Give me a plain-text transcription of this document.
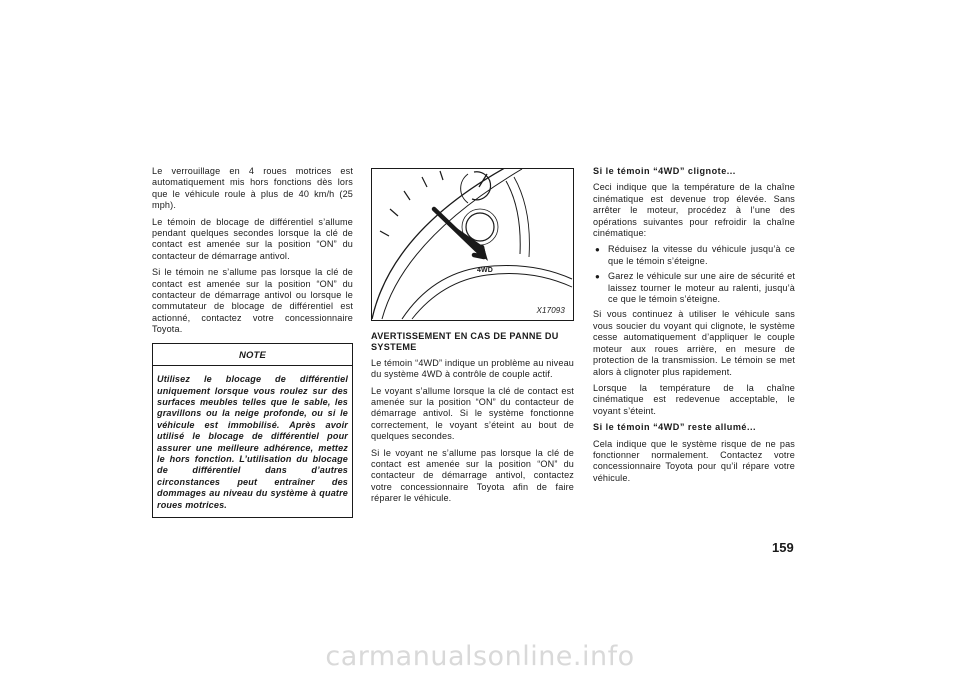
Le verrouillage en 4 roues motrices est automatiquement mis hors fonctions dès lors que le véhicule roule à plus de 40 km/h (25 mph).

Le témoin de blocage de différentiel s’allume pendant quelques secondes lorsque la clé de contact est amenée sur la position “ON” du contacteur de démarrage antivol.

Si le témoin ne s’allume pas lorsque la clé de contact est amenée sur la position “ON” du contacteur de démarrage antivol ou lorsque le commutateur de blocage de différentiel est actionné, contactez votre concessionnaire Toyota.

NOTE
Utilisez le blocage de différentiel uniquement lorsque vous roulez sur des surfaces meubles telles que le sable, les gravillons ou la neige profonde, ou si le véhicule est immobilisé. Après avoir utilisé le blocage de différentiel pour assurer une meilleure adhérence, mettez le hors fonction. L’utilisation du blocage de différentiel dans d’autres circonstances peut entraîner des dommages au niveau du système à quatre roues motrices.
4WD
X17093
AVERTISSEMENT EN CAS DE PANNE DU SYSTEME

Le témoin “4WD” indique un problème au niveau du système 4WD à contrôle de couple actif.

Le voyant s’allume lorsque la clé de contact est amenée sur la position “ON” du contacteur de démarrage antivol. Si le système fonctionne correctement, le voyant s’éteint au bout de quelques secondes.

Si le voyant ne s’allume pas lorsque la clé de contact est amenée sur la position “ON” du contacteur de démarrage antivol, contactez votre concessionnaire Toyota afin de faire réparer le véhicule.

Si le témoin “4WD” clignote...

Ceci indique que la température de la chaîne cinématique est devenue trop élevée. Sans arrêter le moteur, procédez à l’une des opérations suivantes pour refroidir la chaîne cinématique:

● Réduisez la vitesse du véhicule jusqu’à ce que le témoin s’éteigne.
● Garez le véhicule sur une aire de sécurité et laissez tourner le moteur au ralenti, jusqu’à ce que le témoin s’éteigne.

Si vous continuez à utiliser le véhicule sans vous soucier du voyant qui clignote, le système cesse automatiquement d’appliquer le couple moteur aux roues arrière, en mesure de protection de la transmission. Le témoin se met alors à clignoter plus rapidement.

Lorsque la température de la chaîne cinématique est redevenue acceptable, le voyant s’éteint.

Si le témoin “4WD” reste allumé...

Cela indique que le système risque de ne pas fonctionner normalement. Contactez votre concessionnaire Toyota pour qu’il répare votre véhicule.

159
carmanualsonline.info
